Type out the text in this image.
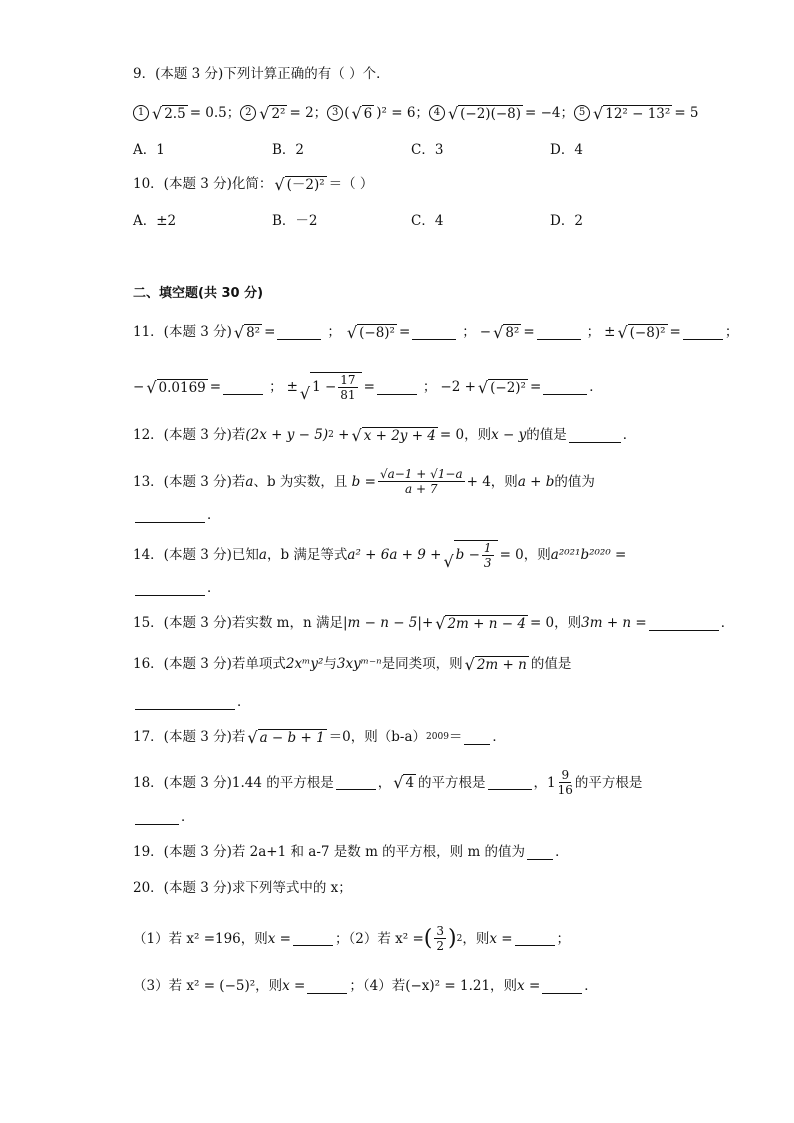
9．(本题 3 分)下列计算正确的有（ ）个．
1 √ 2.5 = 0.5； 2 √ 2² = 2； 3 ( √ 6 )² = 6； 4 √ (−2)(−8) = −4； 5 √ 12² − 13² = 5
A．1	B．2	C．3	D．4
10．(本题 3 分)化简： √ (－2)² ＝（ ）
A．±2	B．－2	C．4	D．2
二、填空题(共 30 分)
11．(本题 3 分) √ 8² =	； √ (−8)² =	； − √ 8² =	； ± √ (−8)² =	；
− √ 0.0169 =	； ± √ $1 - \frac{17}{81}$ =	； −2 + √ (−2)² =	．
12．(本题 3 分)若 (2x + y − 5) 2 + √ x + 2y + 4 = 0，则 x − y 的值是	．
13．(本题 3 分)若 a 、b 为实数，且 $b = \frac{√a-1 + √1-a}{a + 7} + 4$，则 a + b 的值为
．
14．(本题 3 分)已知 a ，b 满足等式 a² + 6a + 9 + √ $b - \frac{1}{3} = 0$，则 a²⁰²¹b²⁰²⁰ =
．
15．(本题 3 分)若实数 m，n 满足 |m − n − 5| + √ 2m + n − 4 = 0，则 3m + n =	．
16．(本题 3 分)若单项式 2xᵐy² 与 3xyᵐ⁻ⁿ 是同类项，则 √ 2m + n 的值是
．
17．(本题 3 分)若 √ a − b + 1 ＝0，则（b-a） 2009 ＝ ．
18．(本题 3 分)1.44 的平方根是	， √ 4 的平方根是	，$1 \frac{9}{16}$ 的平方根是
．
19．(本题 3 分)若 2a+1 和 a-7 是数 m 的平方根，则 m 的值为 ．
20．(本题 3 分)求下列等式中的 x；
（1）若 x² =196，则 x =	；（2）若 x² = ( $\frac{3}{2}$ ) 2 ，则 x =	；
（3）若 x² = (−5)²，则 x =	；（4）若(−x)² = 1.21，则 x =	．
